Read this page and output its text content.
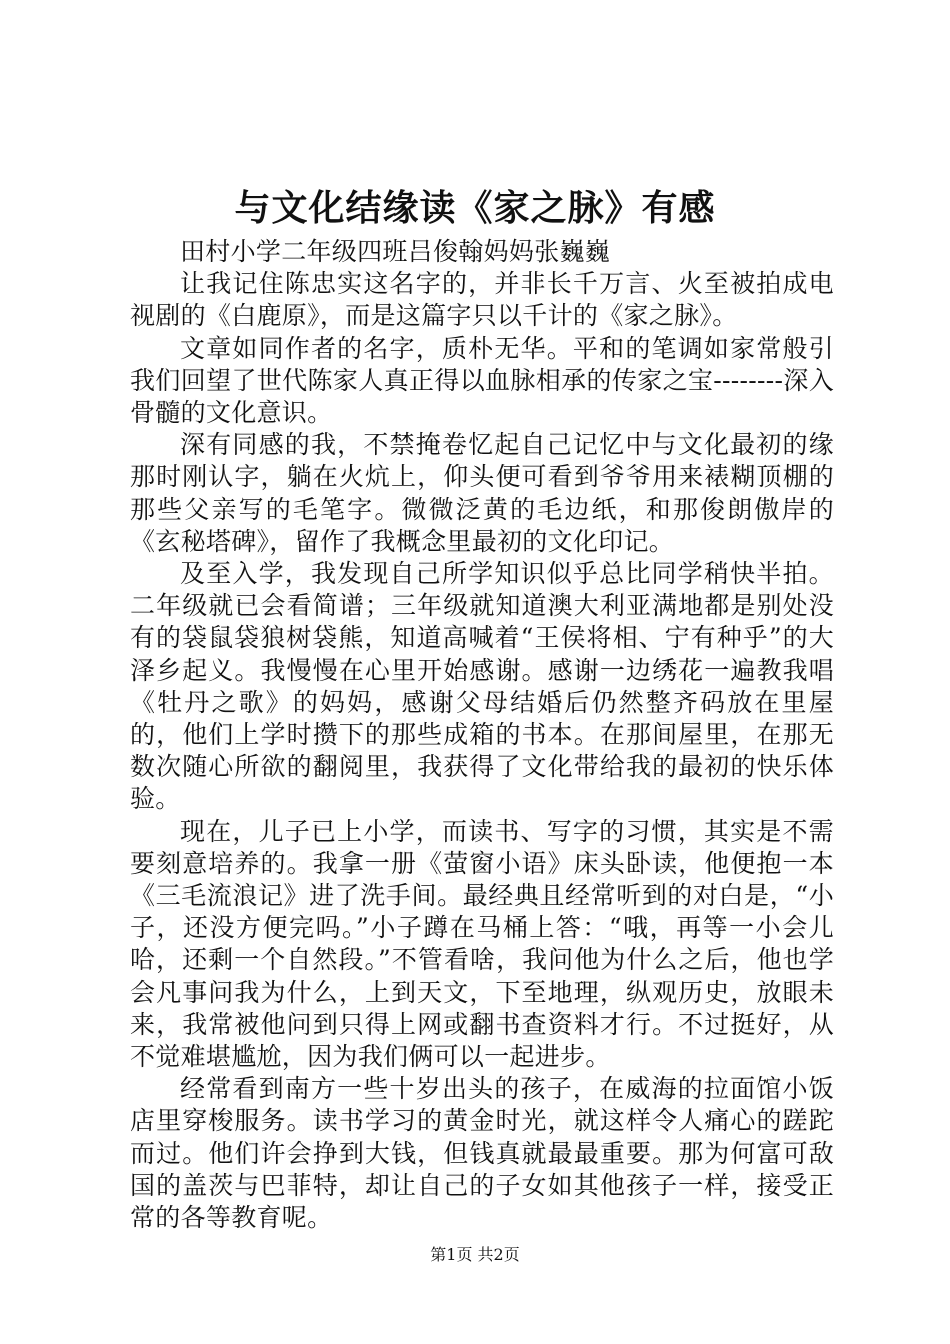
与文化结缘读《家之脉》有感

田村小学二年级四班吕俊翰妈妈张巍巍

让我记住陈忠实这名字的，并非长千万言、火至被拍成电视剧的《白鹿原》，而是这篇字只以千计的《家之脉》。

文章如同作者的名字，质朴无华。平和的笔调如家常般引我们回望了世代陈家人真正得以血脉相承的传家之宝--------深入骨髓的文化意识。

深有同感的我，不禁掩卷忆起自己记忆中与文化最初的缘那时刚认字，躺在火炕上，仰头便可看到爷爷用来裱糊顶棚的那些父亲写的毛笔字。微微泛黄的毛边纸，和那俊朗傲岸的《玄秘塔碑》，留作了我概念里最初的文化印记。

及至入学，我发现自己所学知识似乎总比同学稍快半拍。二年级就已会看简谱；三年级就知道澳大利亚满地都是别处没有的袋鼠袋狼树袋熊，知道高喊着“王侯将相、宁有种乎”的大泽乡起义。我慢慢在心里开始感谢。感谢一边绣花一遍教我唱《牡丹之歌》的妈妈，感谢父母结婚后仍然整齐码放在里屋的，他们上学时攒下的那些成箱的书本。在那间屋里，在那无数次随心所欲的翻阅里，我获得了文化带给我的最初的快乐体验。

现在，儿子已上小学，而读书、写字的习惯，其实是不需要刻意培养的。我拿一册《萤窗小语》床头卧读，他便抱一本《三毛流浪记》进了洗手间。最经典且经常听到的对白是，“小子，还没方便完吗。”小子蹲在马桶上答：“哦，再等一小会儿哈，还剩一个自然段。”不管看啥，我问他为什么之后，他也学会凡事问我为什么，上到天文，下至地理，纵观历史，放眼未来，我常被他问到只得上网或翻书查资料才行。不过挺好，从不觉难堪尴尬，因为我们俩可以一起进步。

经常看到南方一些十岁出头的孩子，在威海的拉面馆小饭店里穿梭服务。读书学习的黄金时光，就这样令人痛心的蹉跎而过。他们许会挣到大钱，但钱真就最最重要。那为何富可敌国的盖茨与巴菲特，却让自己的子女如其他孩子一样，接受正常的各等教育呢。

第1页 共2页
